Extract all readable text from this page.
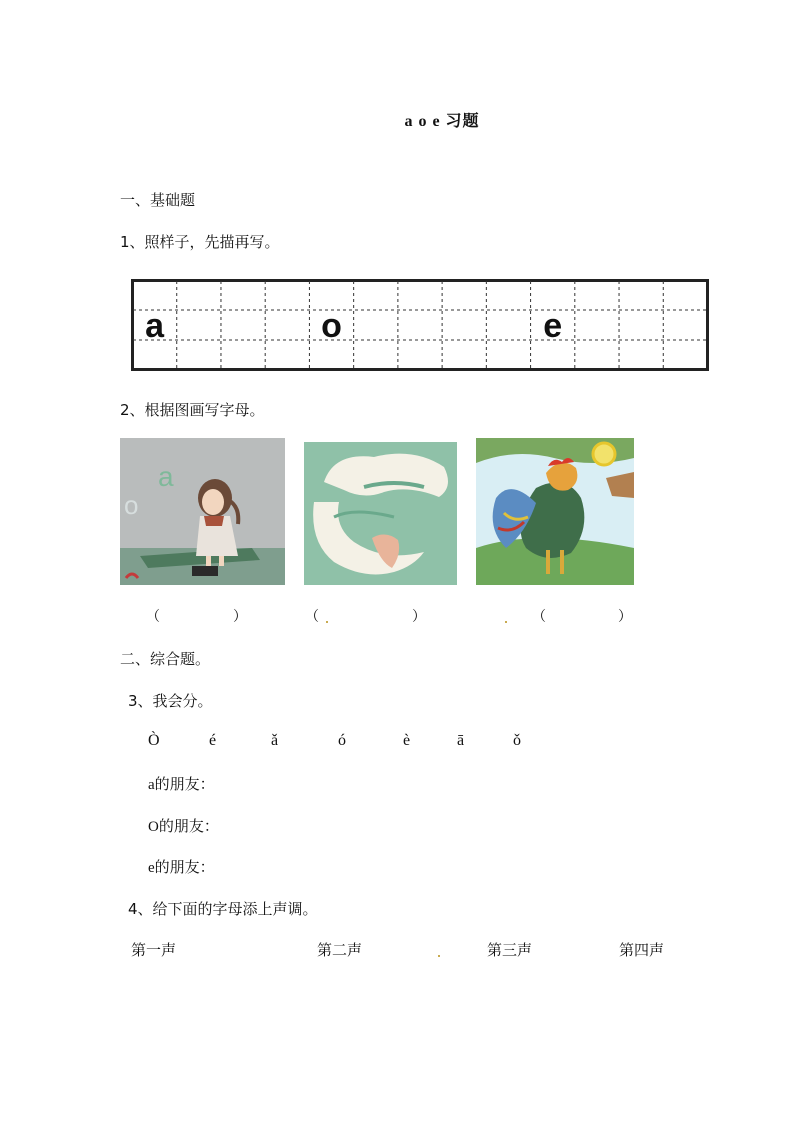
a o e 习题
一、基础题
1、照样子，先描再写。
a	o	e
2、根据图画写字母。
a
o
（	）	（	）	（	）
二、综合题。
3、我会分。
Ò	é	ǎ	ó	è	ā	ǒ
a的朋友：
O的朋友：
e的朋友：
4、给下面的字母添上声调。
第一声	第二声	第三声	第四声
